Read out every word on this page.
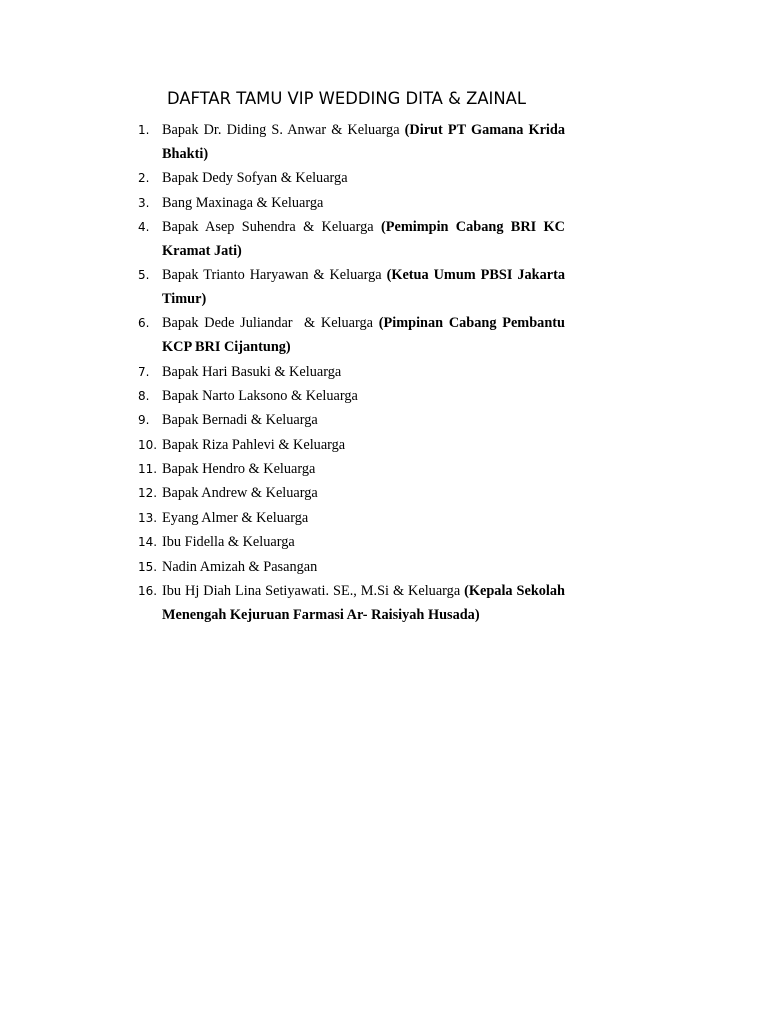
DAFTAR TAMU VIP WEDDING DITA & ZAINAL
1. Bapak Dr. Diding S. Anwar & Keluarga (Dirut PT Gamana Krida Bhakti)
2. Bapak Dedy Sofyan & Keluarga
3. Bang Maxinaga & Keluarga
4. Bapak Asep Suhendra & Keluarga (Pemimpin Cabang BRI KC Kramat Jati)
5. Bapak Trianto Haryawan & Keluarga (Ketua Umum PBSI Jakarta Timur)
6. Bapak Dede Juliandar  & Keluarga (Pimpinan Cabang Pembantu KCP BRI Cijantung)
7. Bapak Hari Basuki & Keluarga
8. Bapak Narto Laksono & Keluarga
9. Bapak Bernadi & Keluarga
10. Bapak Riza Pahlevi & Keluarga
11. Bapak Hendro & Keluarga
12. Bapak Andrew & Keluarga
13. Eyang Almer & Keluarga
14. Ibu Fidella & Keluarga
15. Nadin Amizah & Pasangan
16. Ibu Hj Diah Lina Setiyawati. SE., M.Si & Keluarga (Kepala Sekolah Menengah Kejuruan Farmasi Ar- Raisiyah Husada)
